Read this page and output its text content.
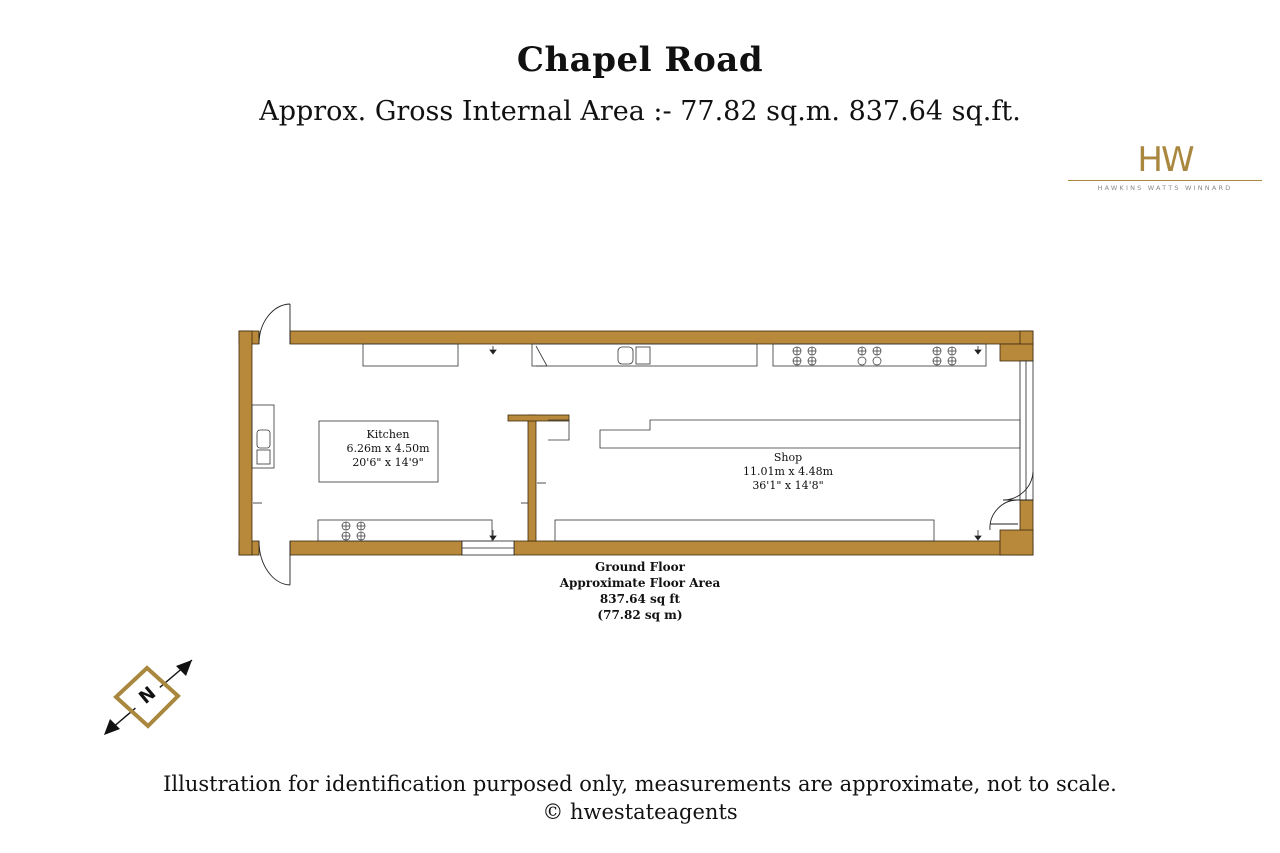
Chapel Road
Approx. Gross Internal Area :- 77.82 sq.m. 837.64 sq.ft.
HW
HAWKINS WATTS WINNARD
Kitchen
6.26m x 4.50m
20'6" x 14'9"	Shop
11.01m x 4.48m
36'1" x 14'8"
Ground Floor
Approximate Floor Area
837.64 sq ft
(77.82 sq m)
N
Illustration for identification purposed only, measurements are approximate, not to scale.
© hwestateagents
